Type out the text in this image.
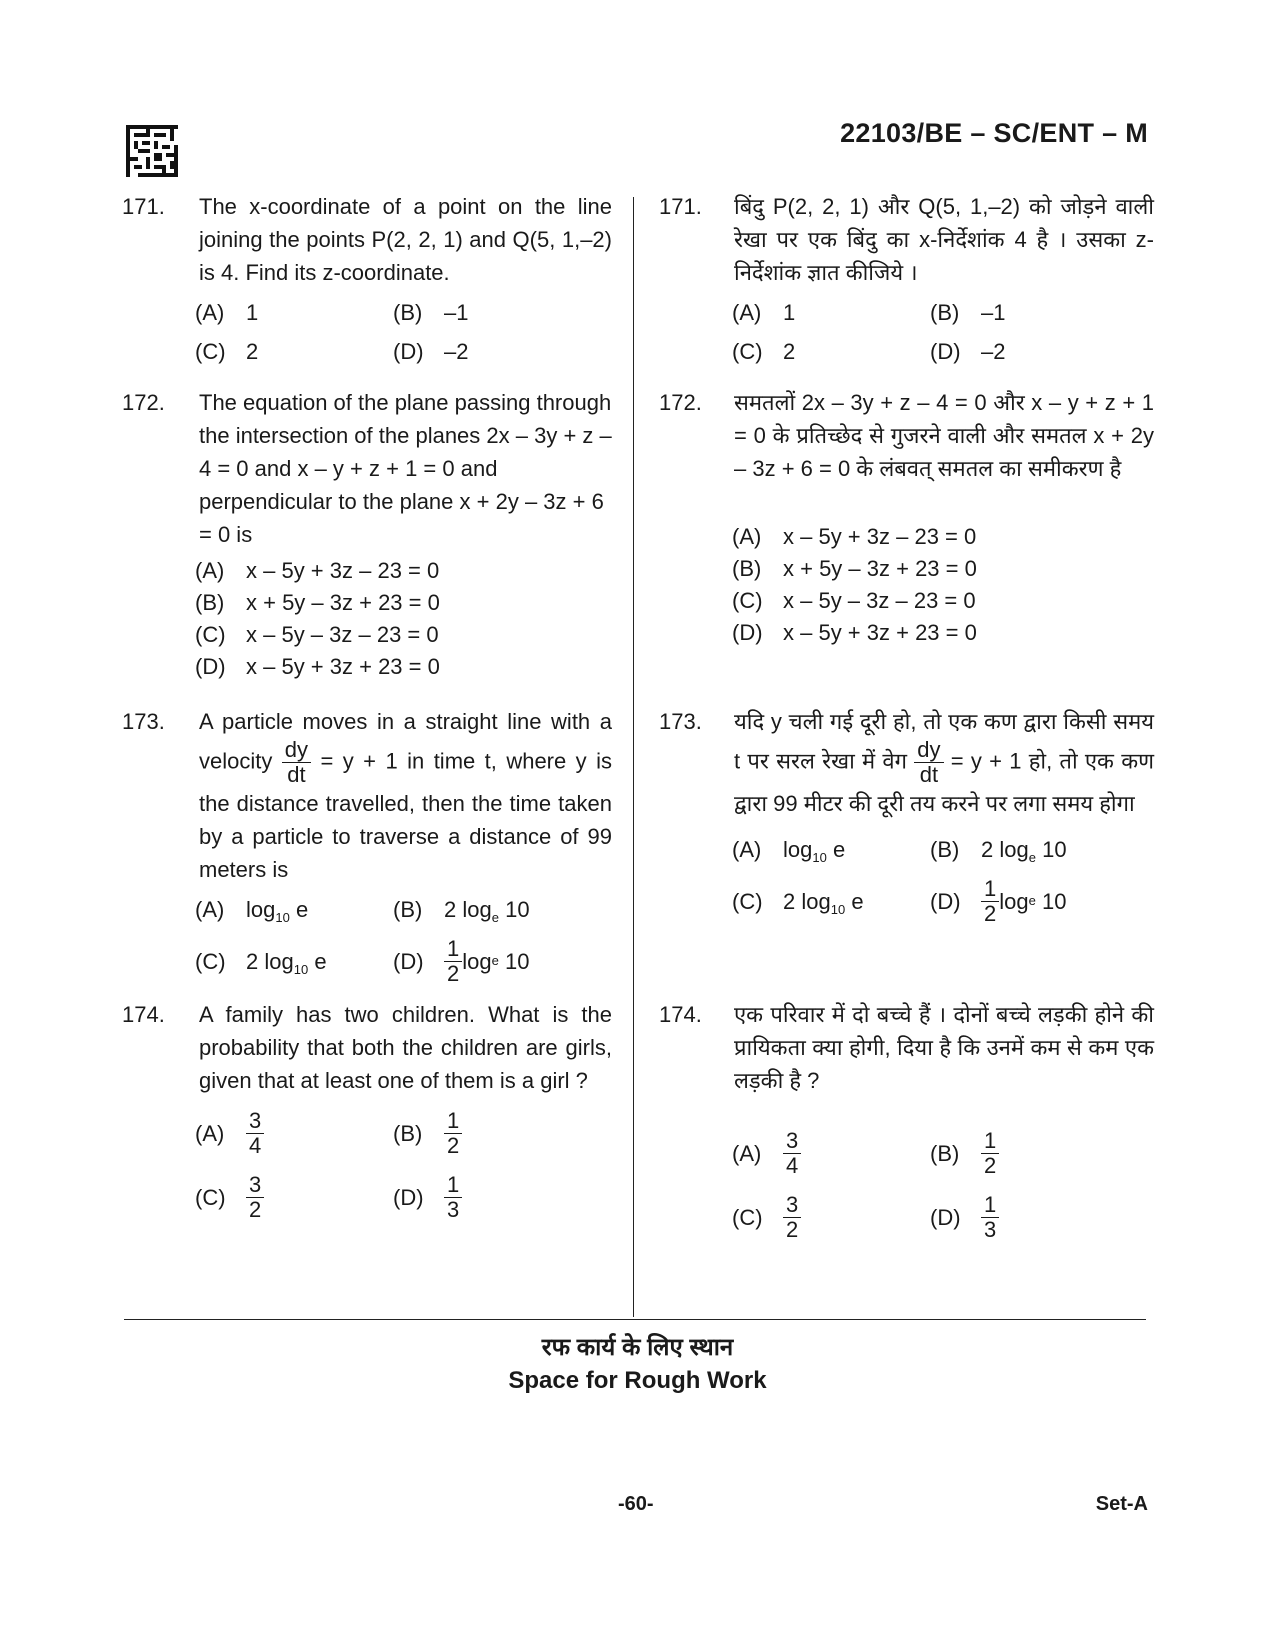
22103/BE – SC/ENT – M
171. The x-coordinate of a point on the line joining the points P(2, 2, 1) and Q(5, 1,–2) is 4. Find its z-coordinate.
(A) 1	(B) –1
(C) 2	(D) –2
172. The equation of the plane passing through the intersection of the planes 2x – 3y + z – 4 = 0 and x – y + z + 1 = 0 and perpendicular to the plane x + 2y – 3z + 6 = 0 is
(A) x – 5y + 3z – 23 = 0
(B) x + 5y – 3z + 23 = 0
(C) x – 5y – 3z – 23 = 0
(D) x – 5y + 3z + 23 = 0
173. A particle moves in a straight line with a velocity $\frac{dy}{dt} = y + 1$ in time t, where y is the distance travelled, then the time taken by a particle to traverse a distance of 99 meters is
(A) $\log_{10} e$	(B) 2 $\log_e 10$
(C) 2 $\log_{10} e$	$(D) \frac{1}{2}$ log e
10
174. A family has two children. What is the probability that both the children are girls, given that at least one of them is a girl ?
$(A) \frac{3}{4}$	$(B) \frac{1}{2}$
$(C) \frac{3}{2}$	$(D) \frac{1}{3}$
171. बिंदु P(2, 2, 1) और Q(5, 1,–2) को जोड़ने वाली रेखा पर एक बिंदु का x-निर्देशांक 4 है । उसका z-निर्देशांक ज्ञात कीजिये ।
(A) 1	(B) –1
(C) 2	(D) –2
172. समतलों 2x – 3y + z – 4 = 0 और x – y + z + 1 = 0 के प्रतिच्छेद से गुजरने वाली और समतल x + 2y – 3z + 6 = 0 के लंबवत् समतल का समीकरण है
(A) x – 5y + 3z – 23 = 0
(B) x + 5y – 3z + 23 = 0
(C) x – 5y – 3z – 23 = 0
(D) x – 5y + 3z + 23 = 0
173. यदि y चली गई दूरी हो, तो एक कण द्वारा किसी समय t पर सरल रेखा में वेग $\frac{dy}{dt} = y + 1$ हो, तो एक कण द्वारा 99 मीटर की दूरी तय करने पर लगा समय होगा
(A) $\log_{10} e$	(B) 2 $\log_e 10$
(C) 2 $\log_{10} e$	$(D) \frac{1}{2}$ log e
10
174. एक परिवार में दो बच्चे हैं । दोनों बच्चे लड़की होने की प्रायिकता क्या होगी, दिया है कि उनमें कम से कम एक लड़की है ?
$(A) \frac{3}{4}$	$(B) \frac{1}{2}$
$(C) \frac{3}{2}$	$(D) \frac{1}{3}$
रफ कार्य के लिए स्थान
Space for Rough Work
-60-	Set-A
